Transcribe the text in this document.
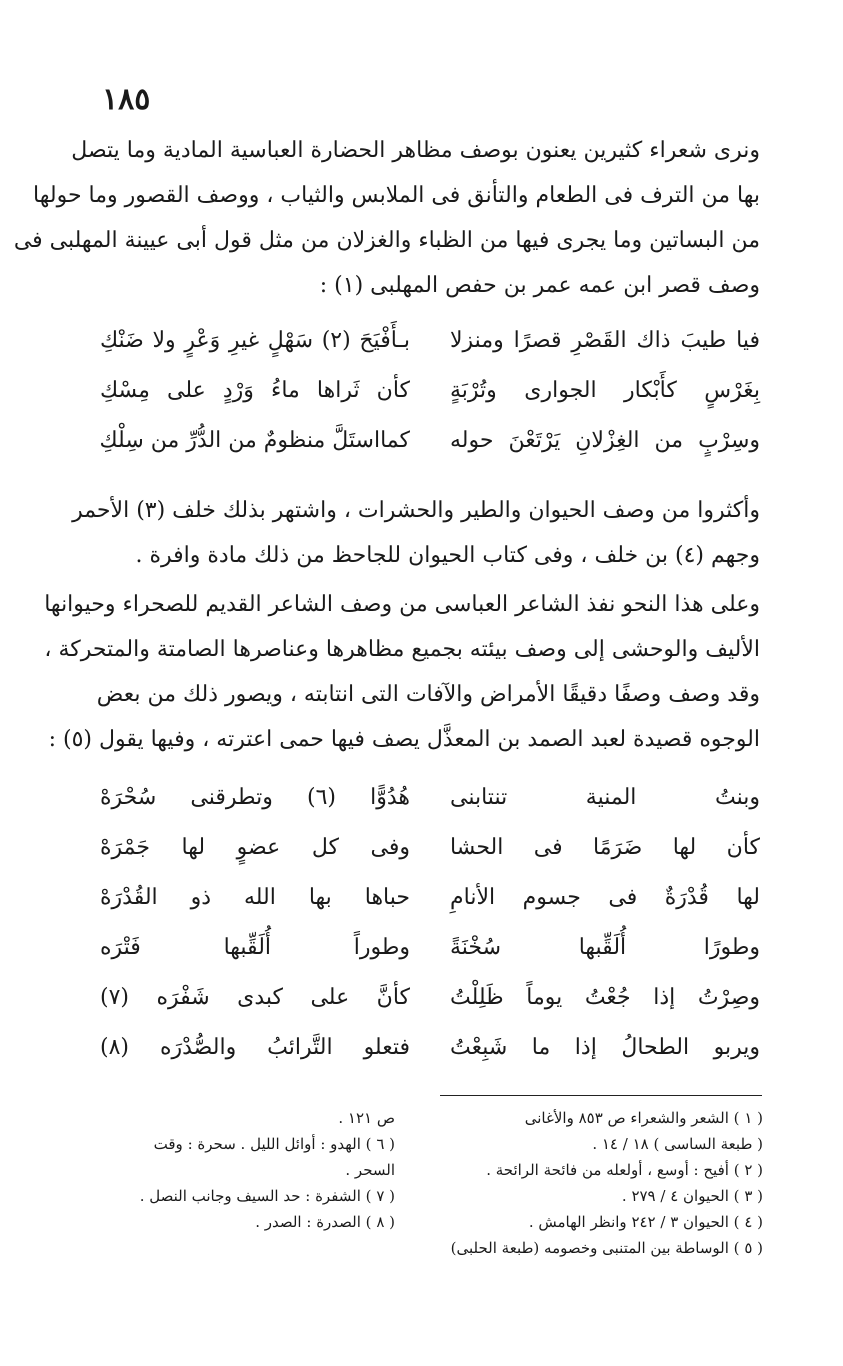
١٨٥
ونرى شعراء كثيرين يعنون بوصف مظاهر الحضارة العباسية المادية وما يتصل
بها من الترف فى الطعام والتأنق فى الملابس والثياب ، ووصف القصور وما حولها
من البساتين وما يجرى فيها من الظباء والغزلان من مثل قول أبى عيينة المهلبى فى
وصف قصر ابن عمه عمر بن حفص المهلبى (١) :
فيا طيبَ ذاك القَصْرِ قصرًا ومنزلا
بـأَفْيَحَ (٢) سَهْلٍ غيرِ وَعْرٍ ولا ضَنْكِ
بِغَرْسٍ كأَبْكار الجوارى وتُرْبَةٍ
كأن ثَراها ماءُ وَرْدٍ على مِسْكِ
وسِرْبٍ من الغِزْلانِ يَرْتَعْنَ حوله
كمااستَلَّ منظومٌ من الدُّرِّ من سِلْكِ
وأكثروا من وصف الحيوان والطير والحشرات ، واشتهر بذلك خلف (٣) الأحمر
وجهم (٤) بن خلف ، وفى كتاب الحيوان للجاحظ من ذلك مادة وافرة .
وعلى هذا النحو نفذ الشاعر العباسى من وصف الشاعر القديم للصحراء وحيوانها
الأليف والوحشى إلى وصف بيئته بجميع مظاهرها وعناصرها الصامتة والمتحركة ،
وقد وصف وصفًا دقيقًا الأمراض والآفات التى انتابته ، ويصور ذلك من بعض
الوجوه قصيدة لعبد الصمد بن المعذَّل يصف فيها حمى اعترته ، وفيها يقول (٥) :
وبنتُ المنية تنتابنى
هُدُوًّا (٦) وتطرقنى سُحْرَهْ
كأن لها ضَرَمًا فى الحشا
وفى كل عضوٍ لها جَمْرَهْ
لها قُدْرَةٌ فى جسوم الأنامِ
حباها بها الله ذو القُدْرَهْ
وطورًا أُلَقِّبها سُخْنَةً
وطوراً أُلَقِّبها فَتْرَه
وصِرْتُ إذا جُعْتُ يوماً ظَلِلْتُ
كأنَّ على كبدى شَفْرَه (٧)
ويربو الطحالُ إذا ما شَبِعْتُ
فتعلو التَّرائبُ والصُّدْرَه (٨)
( ١ ) الشعر والشعراء ص ٨٥٣ والأغانى
( طبعة الساسى ) ١٨ / ١٤ .
( ٢ ) أفيح : أوسع ، أولعله من فائحة الرائحة .
( ٣ ) الحيوان ٤ / ٢٧٩ .
( ٤ ) الحيوان ٣ / ٢٤٢ وانظر الهامش .
( ٥ ) الوساطة بين المتنبى وخصومه (طبعة الحلبى)
ص ١٢١ .
( ٦ ) الهدو : أوائل الليل . سحرة : وقت
السحر .
( ٧ ) الشفرة : حد السيف وجانب النصل .
( ٨ ) الصدرة : الصدر .
